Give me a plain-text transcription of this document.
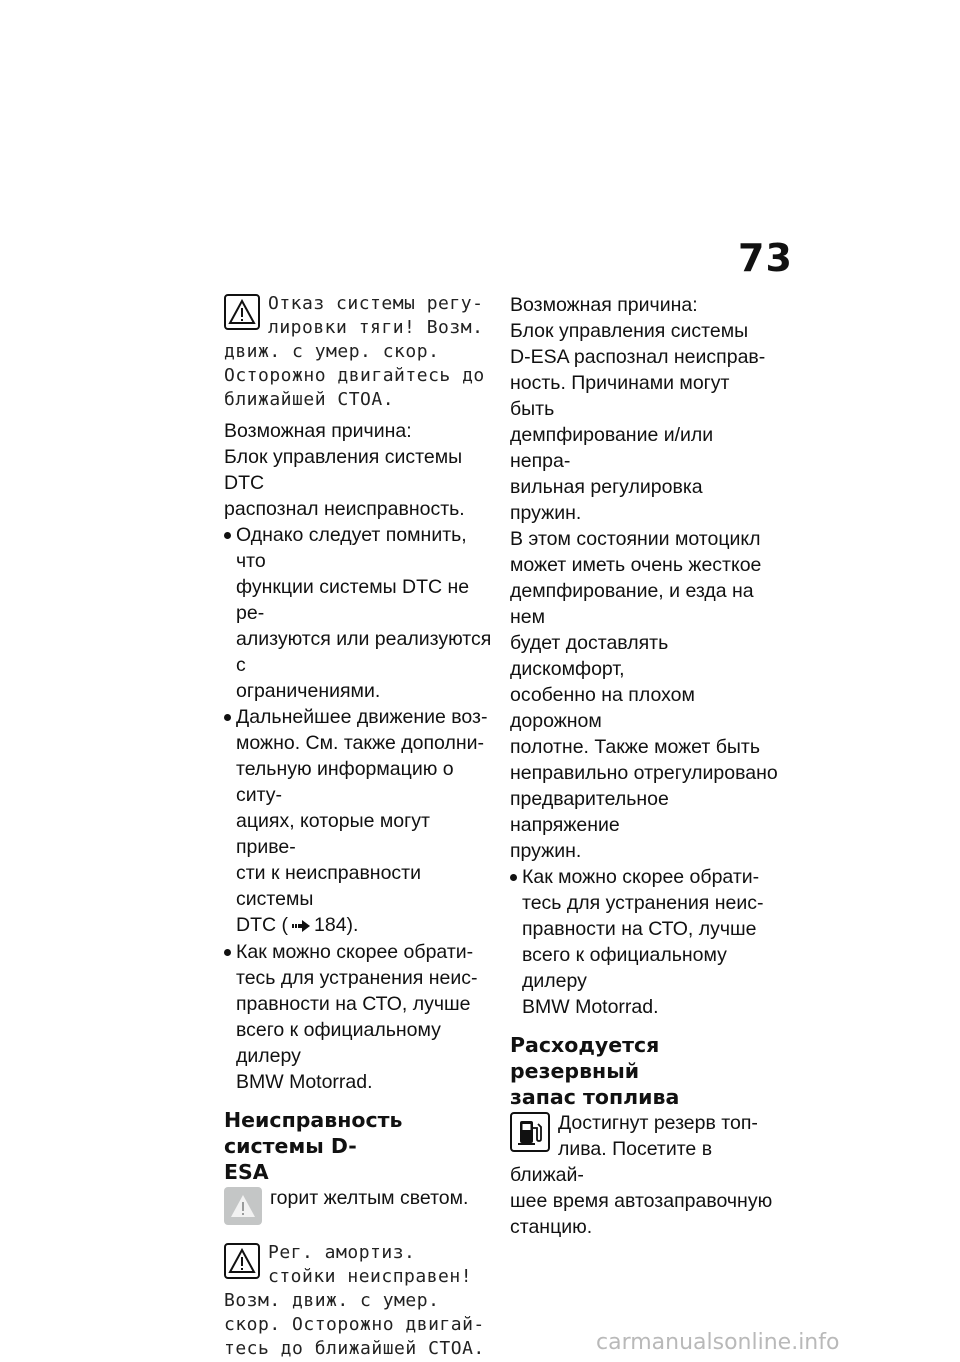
73

Отказ системы регу-

лировки тяги! Возм.

движ. с умер. скор.

Осторожно двигайтесь до

ближайшей СТОА.

Возможная причина:

Блок управления системы DTC

распознал неисправность.

Однако следует помнить, что
функции системы DTC не ре-
ализуются или реализуются с
ограничениями.
Дальнейшее движение воз-
можно. См. также дополни-
тельную информацию о ситу-
ациях, которые могут приве-
сти к неисправности системы
DTC ( 184).
Как можно скорее обрати-
тесь для устранения неис-
правности на СТО, лучше
всего к официальному дилеру
BMW Motorrad.

Неисправность системы D-

ESA

горит желтым светом.

Рег. амортиз.

стойки неисправен!

Возм. движ. с умер.

скор. Осторожно двигай-

тесь до ближайшей СТОА.

Возможная причина:

Блок управления системы

D-ESA распознал неисправ-

ность. Причинами могут быть

демпфирование и/или непра-

вильная регулировка пружин.

В этом состоянии мотоцикл

может иметь очень жесткое

демпфирование, и езда на нем

будет доставлять дискомфорт,

особенно на плохом дорожном

полотне. Также может быть

неправильно отрегулировано

предварительное напряжение

пружин.

Как можно скорее обрати-
тесь для устранения неис-
правности на СТО, лучше
всего к официальному дилеру
BMW Motorrad.

Расходуется резервный

запас топлива

Достигнут резерв топ-

лива. Посетите в ближай-

шее время автозаправочную

станцию.

carmanualsonline.info
